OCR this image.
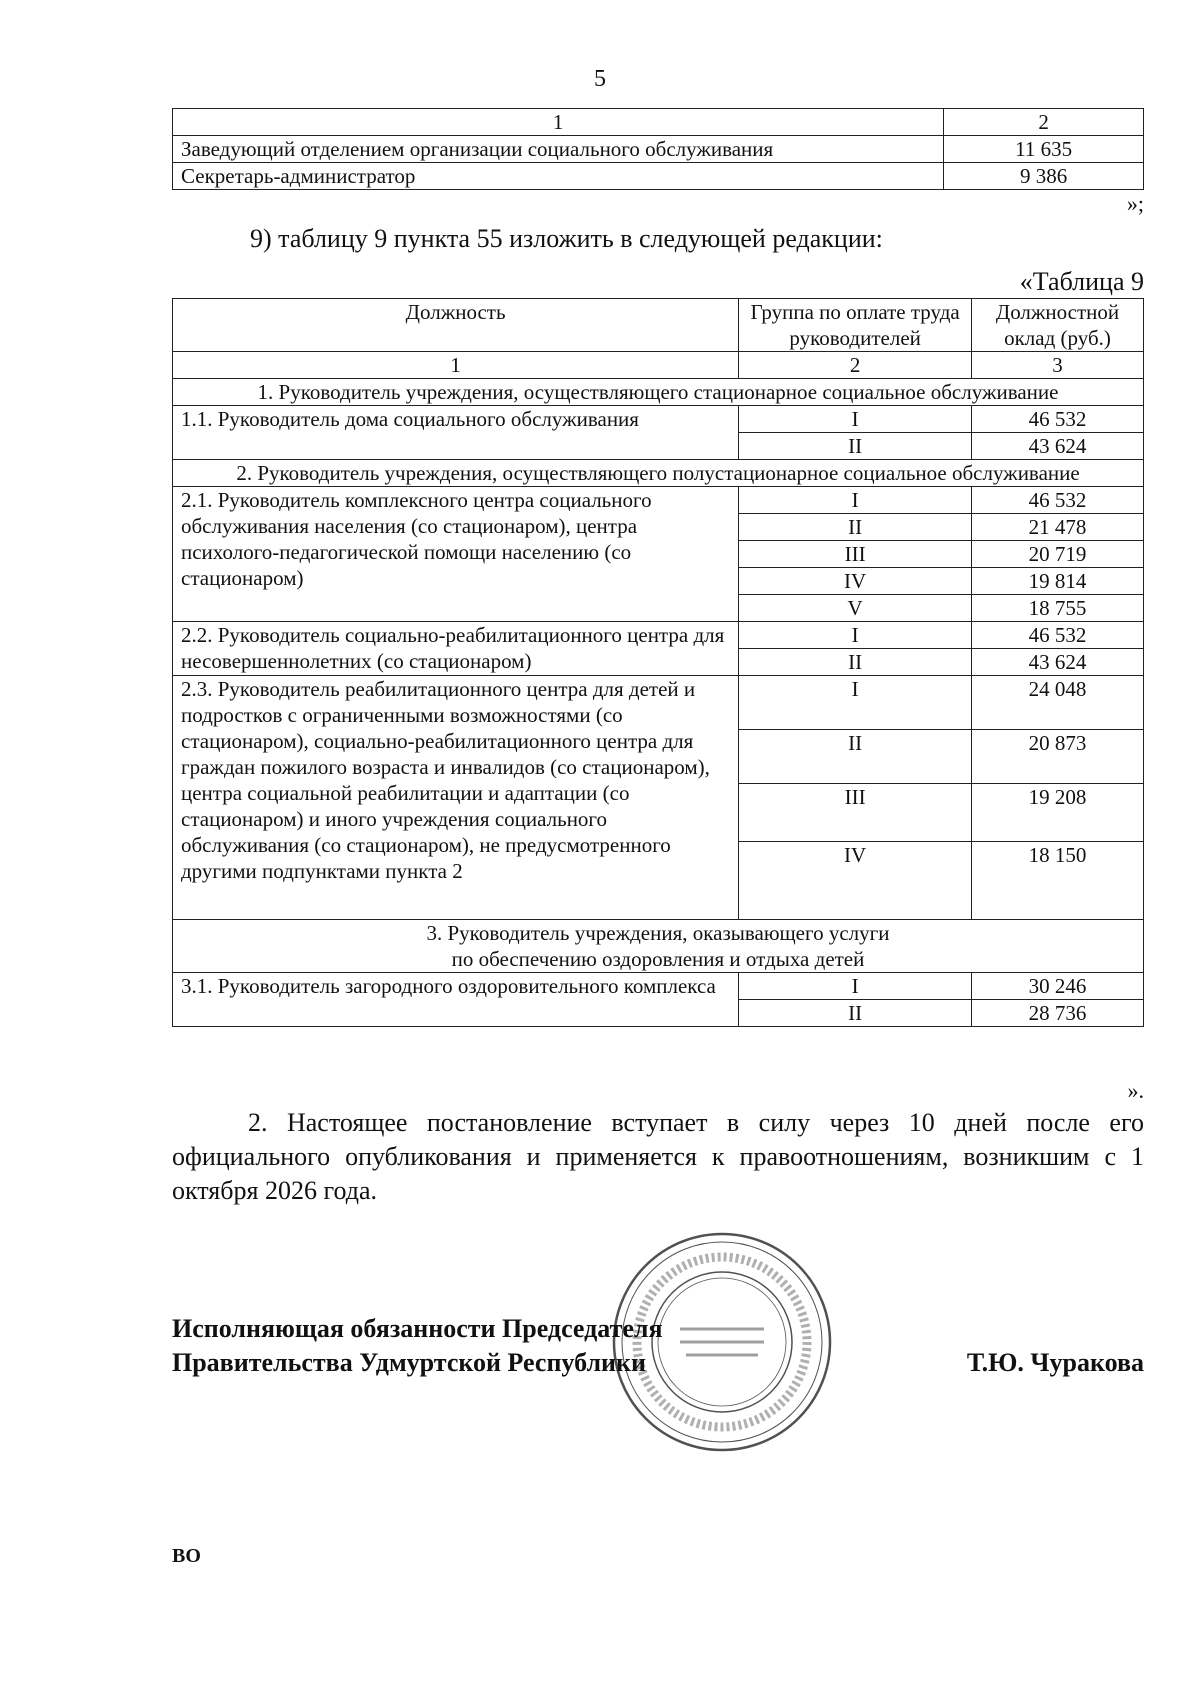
5
1	2
Заведующий отделением организации социального обслуживания	11 635
Секретарь-администратор	9 386
»;
9) таблицу 9 пункта 55 изложить в следующей редакции:
«Таблица 9
Должность	Группа по оплате труда руководителей	Должностной оклад (руб.)
1	2	3
1. Руководитель учреждения, осуществляющего стационарное социальное обслуживание		
1.1. Руководитель дома социального обслуживания	I	46 532
	II	43 624
2. Руководитель учреждения, осуществляющего полустационарное социальное обслуживание		
2.1. Руководитель комплексного центра социального обслуживания населения (со стационаром), центра психолого-педагогической помощи населению (со стационаром)	I	46 532
	II	21 478
	III	20 719
	IV	19 814
	V	18 755
2.2. Руководитель социально-реабилитационного центра для несовершеннолетних (со стационаром)	I	46 532
	II	43 624
2.3. Руководитель реабилитационного центра для детей и подростков с ограниченными возможностями (со стационаром), социально-реабилитационного центра для граждан пожилого возраста и инвалидов (со стационаром), центра социальной реабилитации и адаптации (со стационаром) и иного учреждения социального обслуживания (со стационаром), не предусмотренного другими подпунктами пункта 2	I	24 048
	II	20 873
	III	19 208
	IV	18 150

3. Руководитель учреждения, оказывающего услуги
по обеспечению оздоровления и отдыха детей		

3.1. Руководитель загородного оздоровительного комплекса	I	30 246
	II	28 736
».
2. Настоящее постановление вступает в силу через 10 дней после его официального опубликования и применяется к правоотношениям, возникшим с 1 октября 2026 года.
Исполняющая обязанности Председателя
Правительства Удмуртской Республики	Т.Ю. Чуракова
ВО
